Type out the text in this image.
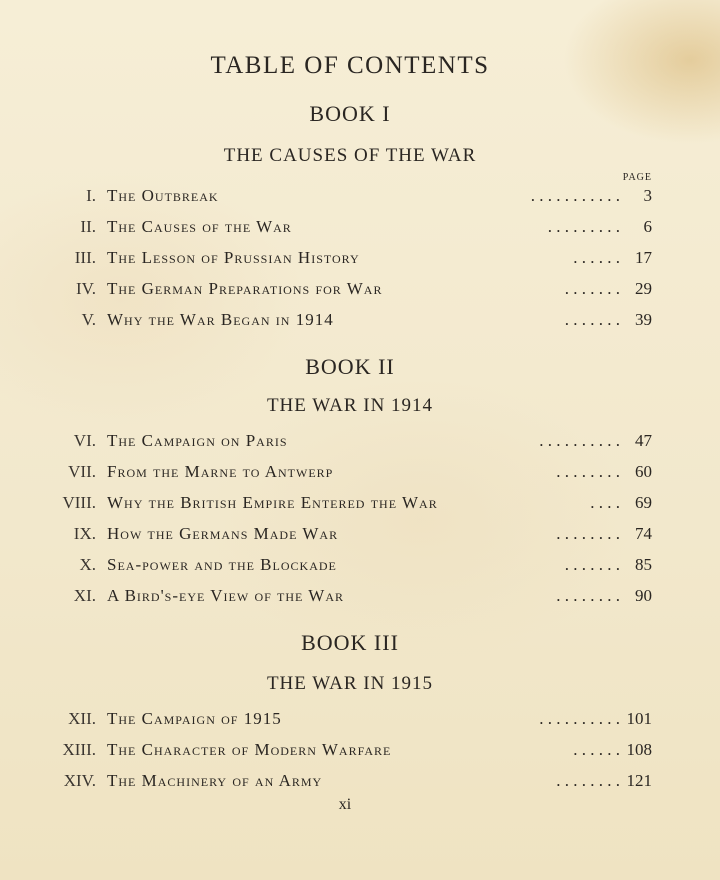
TABLE OF CONTENTS
BOOK I
THE CAUSES OF THE WAR
PAGE
I. The Outbreak	. . . . . . . . . . . 3
II. The Causes of the War	. . . . . . . . . 6
III. The Lesson of Prussian History	. . . . . . 17
IV. The German Preparations for War	. . . . . . . 29
V. Why the War Began in 1914	. . . . . . . 39
BOOK II
THE WAR IN 1914
VI. The Campaign on Paris	. . . . . . . . . . 47
VII. From the Marne to Antwerp	. . . . . . . . 60
VIII. Why the British Empire Entered the War	. . . . 69
IX. How the Germans Made War	. . . . . . . . 74
X. Sea-power and the Blockade	. . . . . . . 85
XI. A Bird's-eye View of the War	. . . . . . . . 90
BOOK III
THE WAR IN 1915
XII. The Campaign of 1915	. . . . . . . . . . 101
XIII. The Character of Modern Warfare	. . . . . . 108
XIV. The Machinery of an Army	. . . . . . . . 121
xi
